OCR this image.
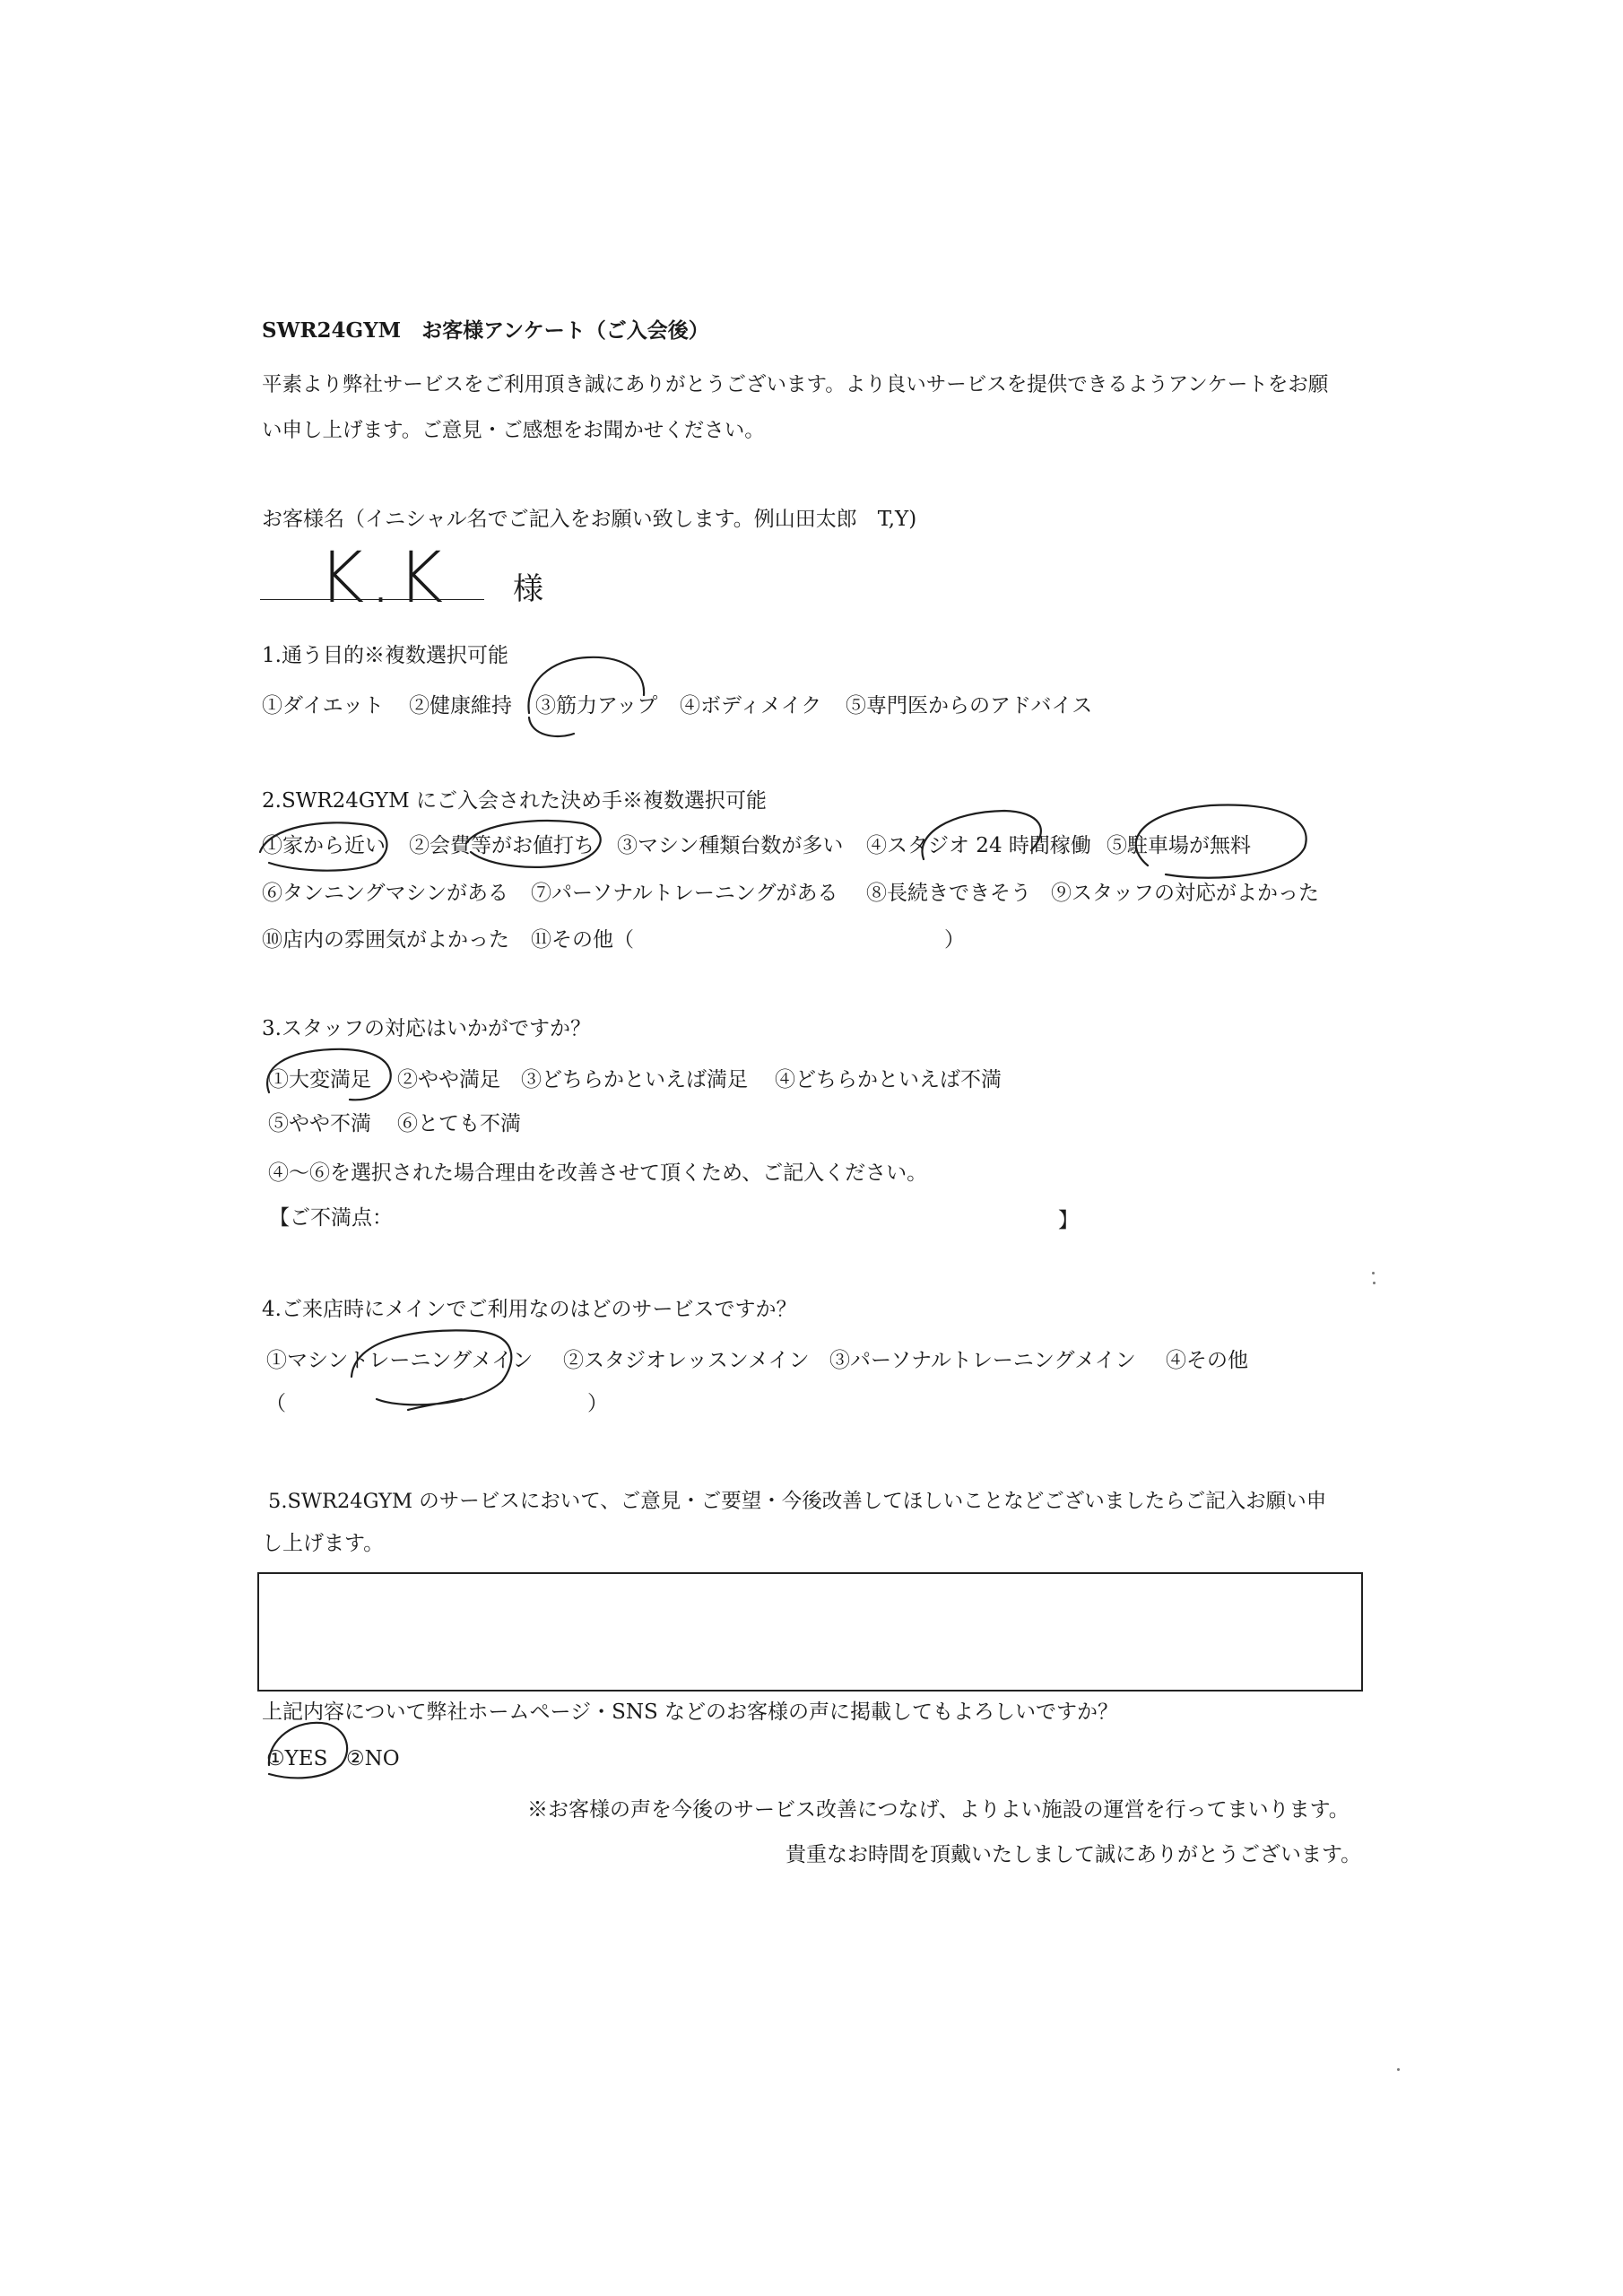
SWR24GYM　お客様アンケート（ご入会後）
平素より弊社サービスをご利用頂き誠にありがとうございます。より良いサービスを提供できるようアンケートをお願
い申し上げます。ご意見・ご感想をお聞かせください。
お客様名（イニシャル名でご記入をお願い致します。例山田太郎　T,Y)
K.K 様
1.通う目的※複数選択可能
①ダイエット ②健康維持 ③筋力アップ ④ボディメイク ⑤専門医からのアドバイス
2.SWR24GYM にご入会された決め手※複数選択可能
①家から近い ②会費等がお値打ち ③マシン種類台数が多い ④スタジオ 24 時間稼働 ⑤駐車場が無料
⑥タンニングマシンがある ⑦パーソナルトレーニングがある ⑧長続きできそう ⑨スタッフの対応がよかった
⑩店内の雰囲気がよかった ⑪その他（	）
3.スタッフの対応はいかがですか？
①大変満足 ②やや満足 ③どちらかといえば満足 ④どちらかといえば不満
⑤やや不満 ⑥とても不満
④～⑥を選択された場合理由を改善させて頂くため、ご記入ください。
【ご不満点：	】
4.ご来店時にメインでご利用なのはどのサービスですか？
①マシントレーニングメイン ②スタジオレッスンメイン ③パーソナルトレーニングメイン ④その他
（	）
5.SWR24GYM のサービスにおいて、ご意見・ご要望・今後改善してほしいことなどございましたらご記入お願い申
し上げます。
上記内容について弊社ホームページ・SNS などのお客様の声に掲載してもよろしいですか？
①YES ②NO
※お客様の声を今後のサービス改善につなげ、よりよい施設の運営を行ってまいります。
貴重なお時間を頂戴いたしまして誠にありがとうございます。
